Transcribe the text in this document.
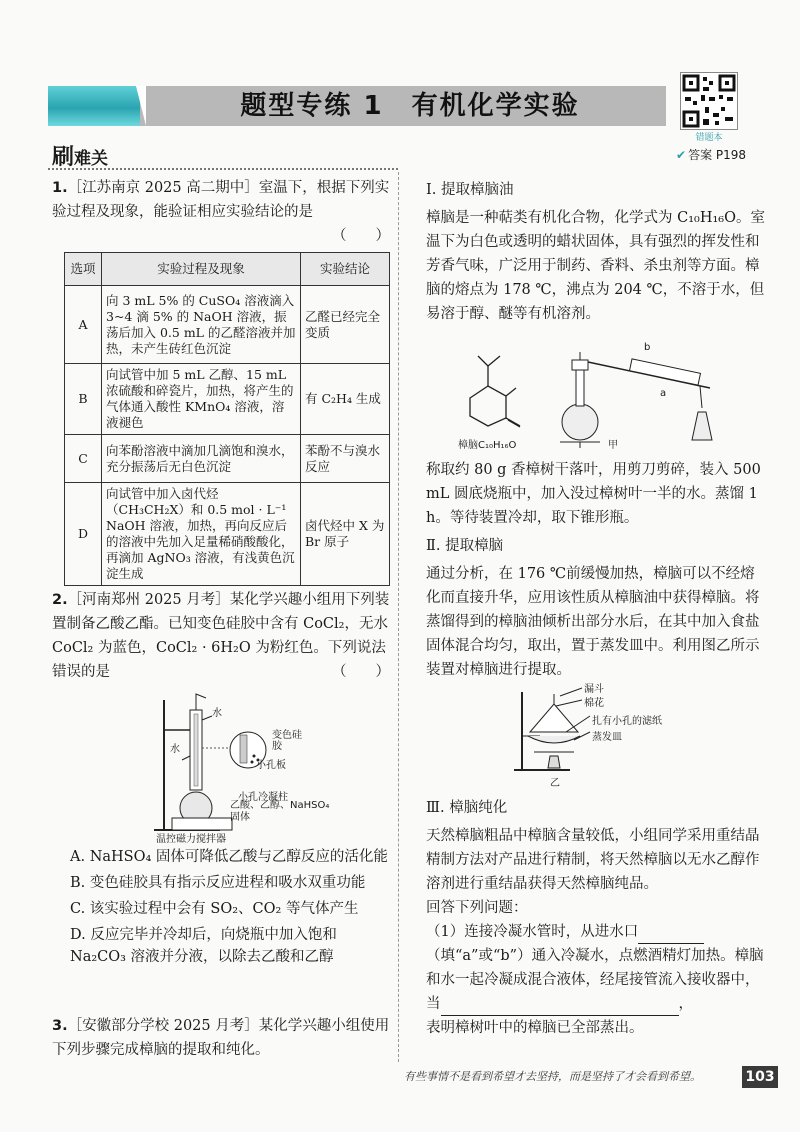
题型专练 1　有机化学实验
错题本
✔ 答案 P198
刷难关
1.［江苏南京 2025 高二期中］室温下，根据下列实验过程及现象，能验证相应实验结论的是
（　　）
选项	实验过程及现象	实验结论
A	向 3 mL 5% 的 CuSO₄ 溶液滴入 3~4 滴 5% 的 NaOH 溶液，振荡后加入 0.5 mL 的乙醛溶液并加热，未产生砖红色沉淀	乙醛已经完全变质
B	向试管中加 5 mL 乙醇、15 mL 浓硫酸和碎瓷片，加热，将产生的气体通入酸性 KMnO₄ 溶液，溶液褪色	有 C₂H₄ 生成
C	向苯酚溶液中滴加几滴饱和溴水，充分振荡后无白色沉淀	苯酚不与溴水反应
D	向试管中加入卤代烃（CH₃CH₂X）和 0.5 mol · L⁻¹ NaOH 溶液，加热，再向反应后的溶液中先加入足量稀硝酸酸化，再滴加 AgNO₃ 溶液，有浅黄色沉淀生成	卤代烃中 X 为 Br 原子
2.［河南郑州 2025 月考］某化学兴趣小组用下列装置制备乙酸乙酯。已知变色硅胶中含有 CoCl₂，无水 CoCl₂ 为蓝色，CoCl₂ · 6H₂O 为粉红色。下列说法错误的是	（　　）
水
水
变色硅胶
小孔板
小孔冷凝柱
乙酸、乙醇、NaHSO₄固体
温控磁力搅拌器
A. NaHSO₄ 固体可降低乙酸与乙醇反应的活化能
B. 变色硅胶具有指示反应进程和吸水双重功能
C. 该实验过程中会有 SO₂、CO₂ 等气体产生
D. 反应完毕并冷却后，向烧瓶中加入饱和 Na₂CO₃ 溶液并分液，以除去乙酸和乙醇
3.［安徽部分学校 2025 月考］某化学兴趣小组使用下列步骤完成樟脑的提取和纯化。
Ⅰ. 提取樟脑油
樟脑是一种萜类有机化合物，化学式为 C₁₀H₁₆O。室温下为白色或透明的蜡状固体，具有强烈的挥发性和芳香气味，广泛用于制药、香料、杀虫剂等方面。樟脑的熔点为 178 ℃，沸点为 204 ℃，不溶于水，但易溶于醇、醚等有机溶剂。
樟脑C₁₀H₁₆O	甲
b
a
称取约 80 g 香樟树干落叶，用剪刀剪碎，装入 500 mL 圆底烧瓶中，加入没过樟树叶一半的水。蒸馏 1 h。等待装置冷却，取下锥形瓶。
Ⅱ. 提取樟脑
通过分析，在 176 ℃前缓慢加热，樟脑可以不经熔化而直接升华，应用该性质从樟脑油中获得樟脑。将蒸馏得到的樟脑油倾析出部分水后，在其中加入食盐固体混合均匀，取出，置于蒸发皿中。利用图乙所示装置对樟脑进行提取。
漏斗
棉花
扎有小孔的滤纸
蒸发皿
乙
Ⅲ. 樟脑纯化
天然樟脑粗品中樟脑含量较低，小组同学采用重结晶精制方法对产品进行精制，将天然樟脑以无水乙醇作溶剂进行重结晶获得天然樟脑纯品。
回答下列问题：
（1）连接冷凝水管时，从进水口（填“a”或“b”）通入冷凝水，点燃酒精灯加热。樟脑和水一起冷凝成混合液体，经尾接管流入接收器中，当	，
表明樟树叶中的樟脑已全部蒸出。
有些事情不是看到希望才去坚持，而是坚持了才会看到希望。	103
